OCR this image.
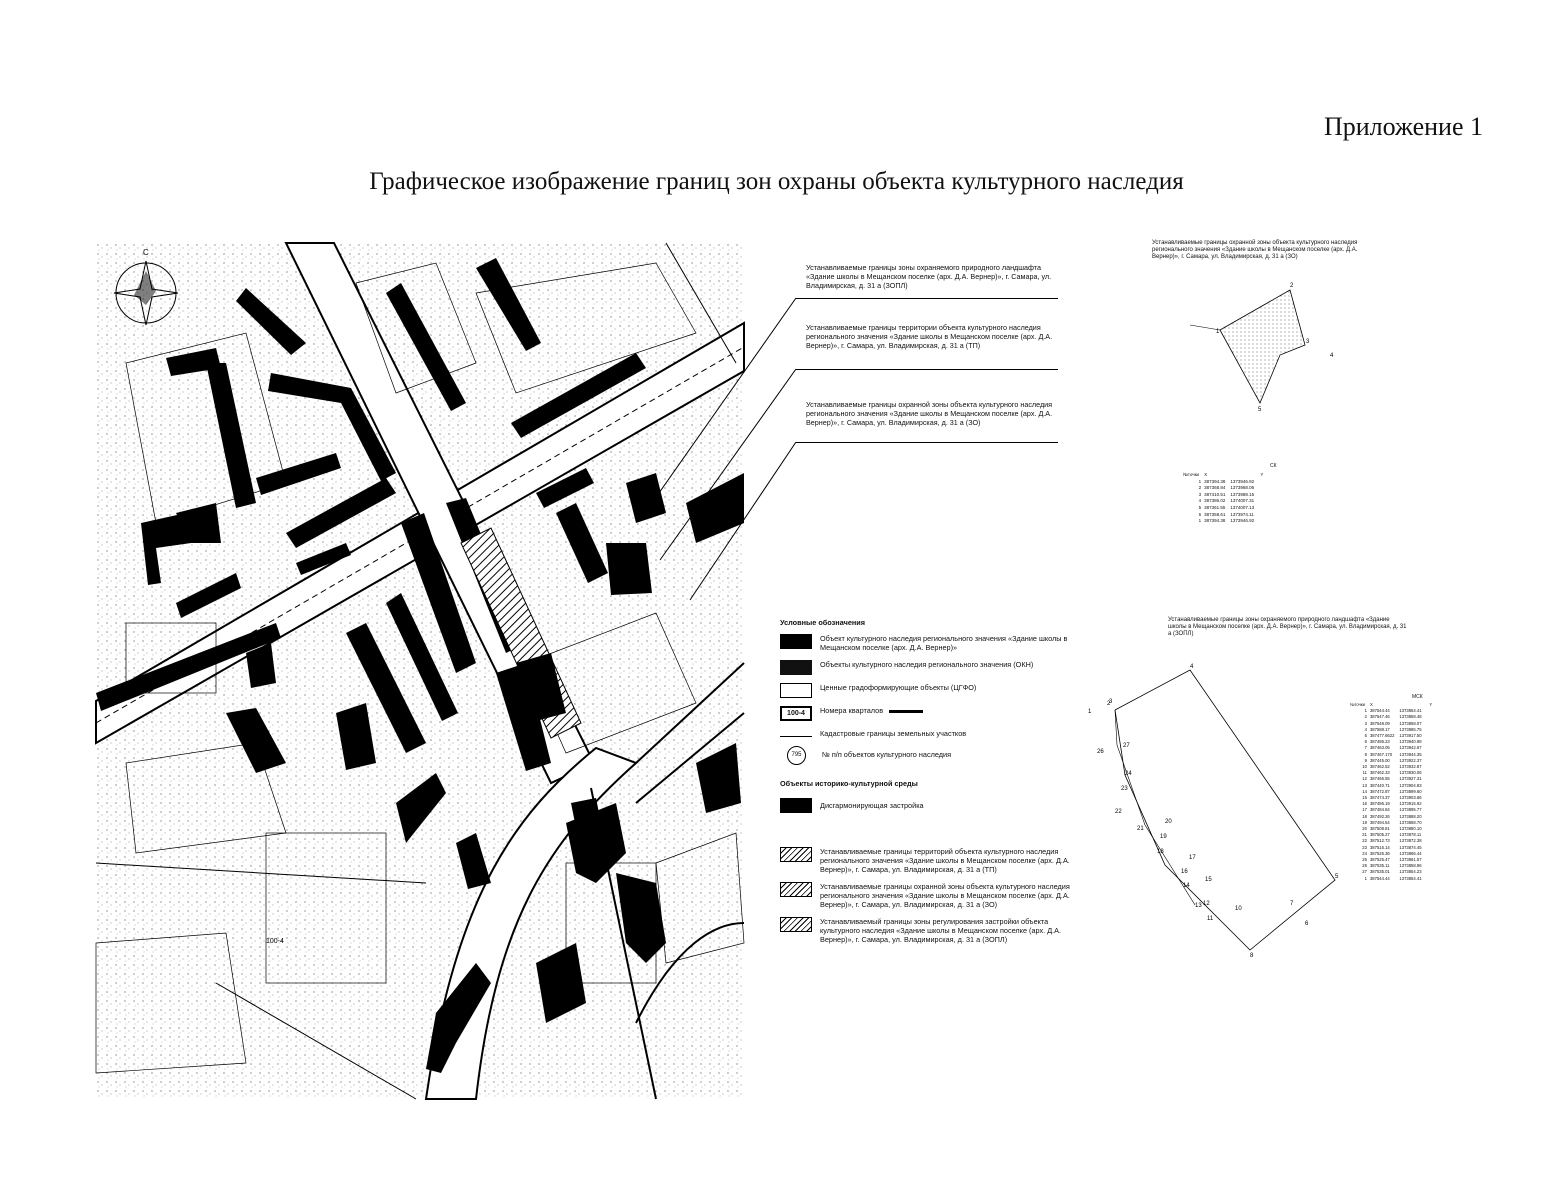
Приложение 1
Графическое изображение границ зон охраны объекта культурного наследия
С
100-4
Устанавливаемые границы зоны охраняемого природного ландшафта «Здание школы в Мещанском поселке (арх. Д.А. Вернер)», г. Самара, ул. Владимирская, д. 31 а (ЗОПЛ)
Устанавливаемые границы территории объекта культурного наследия регионального значения «Здание школы в Мещанском поселке (арх. Д.А. Вернер)», г. Самара, ул. Владимирская, д. 31 а (ТП)
Устанавливаемые границы охранной зоны объекта культурного наследия регионального значения «Здание школы в Мещанском поселке (арх. Д.А. Вернер)», г. Самара, ул. Владимирская, д. 31 а (ЗО)
Условные обозначения
Объект культурного наследия регионального значения «Здание школы в Мещанском поселке (арх. Д.А. Вернер)»
Объекты культурного наследия регионального значения (ОКН)
Ценные градоформирующие объекты (ЦГФО)
100-4	Номера кварталов
Кадастровые границы земельных участков
795	№ п/п объектов культурного наследия
Объекты историко-культурной среды
Дисгармонирующая застройка
Устанавливаемые границы территорий объекта культурного наследия регионального значения «Здание школы в Мещанском поселке (арх. Д.А. Вернер)», г. Самара, ул. Владимирская, д. 31 а (ТП)
Устанавливаемые границы охранной зоны объекта культурного наследия регионального значения «Здание школы в Мещанском поселке (арх. Д.А. Вернер)», г. Самара, ул. Владимирская, д. 31 а (ЗО)
Устанавливаемый границы зоны регулирования застройки объекта культурного наследия «Здание школы в Мещанском поселке (арх. Д.А. Вернер)», г. Самара, ул. Владимирская, д. 31 а (ЗОПЛ)
Устанавливаемые границы охранной зоны объекта культурного наследия регионального значения «Здание школы в Мещанском поселке (арх. Д.А. Вернер)», г. Самара, ул. Владимирская, д. 31 а (ЗО)
1
2
3
4
5
СК
№точки	X	Y
1	387394.38	1373946.92
2	387368.84	1373968.06
3	387410.51	1373988.15
4	387386.02	1374007.31
5	387361.55	1374007.13
6	387358.61	1373974.11
1	387394.38	1373946.92
Устанавливаемые границы зоны охраняемого природного ландшафта «Здание школы в Мещанском поселке (арх. Д.А. Вернер)», г. Самара, ул. Владимирская, д. 31 а (ЗОПЛ)
1
2
3
4
5
6
7
8
10
11
12
13
14
15
16
17
18
19
20
21
22
23
24
26
27
МСК
№точки	X	Y
1	387544.44	1373854.41
2	387547.46	1373858.48
3	387548.09	1373858.07
4	387588.17	1373885.75
5	387477.6622	1373917.50
6	387486.23	1373940.98
7	387463.05	1373942.67
8	387467.170	1373944.35
9	387445.00	1373922.37
10	387462.52	1373932.87
11	387462.33	1373930.06
12	387466.55	1373927.31
13	387440.71	1373904.83
14	387472.87	1373899.60
15	387474.37	1373903.86
16	387486.19	1373915.92
17	387484.84	1373895.77
18	387492.26	1373888.20
19	387494.54	1373868.70
20	387508.81	1373880.10
21	387505.27	1373878.11
22	387512.73	1373872.38
23	387515.14	1373874.45
24	387526.36	1373866.44
25	387525.47	1373861.57
26	387535.11	1373858.96
27	387535.01	1373854.23
1	387544.44	1373854.41
